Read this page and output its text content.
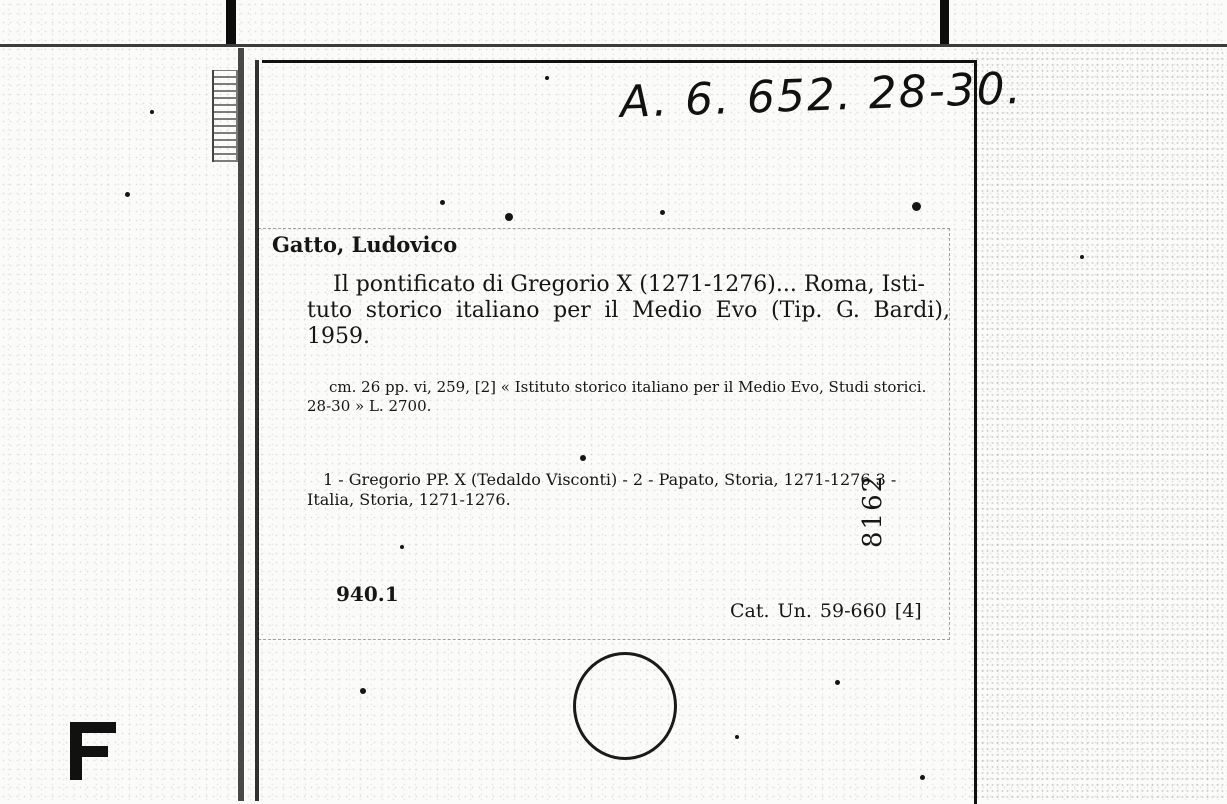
A. 6. 652. 28-30.
Gatto, Ludovico
Il pontificato di Gregorio X (1271-1276)... Roma, Isti-
tuto storico italiano per il Medio Evo (Tip. G. Bardi), 1959.
cm. 26 pp. vi, 259, [2] « Istituto storico italiano per il Medio Evo, Studi storici. 28-30 » L. 2700.
1 - Gregorio PP. X (Tedaldo Visconti) - 2 - Papato, Storia, 1271-1276 3 - Italia, Storia, 1271-1276.	8162
940.1
Cat. Un. 59-660 [4]
